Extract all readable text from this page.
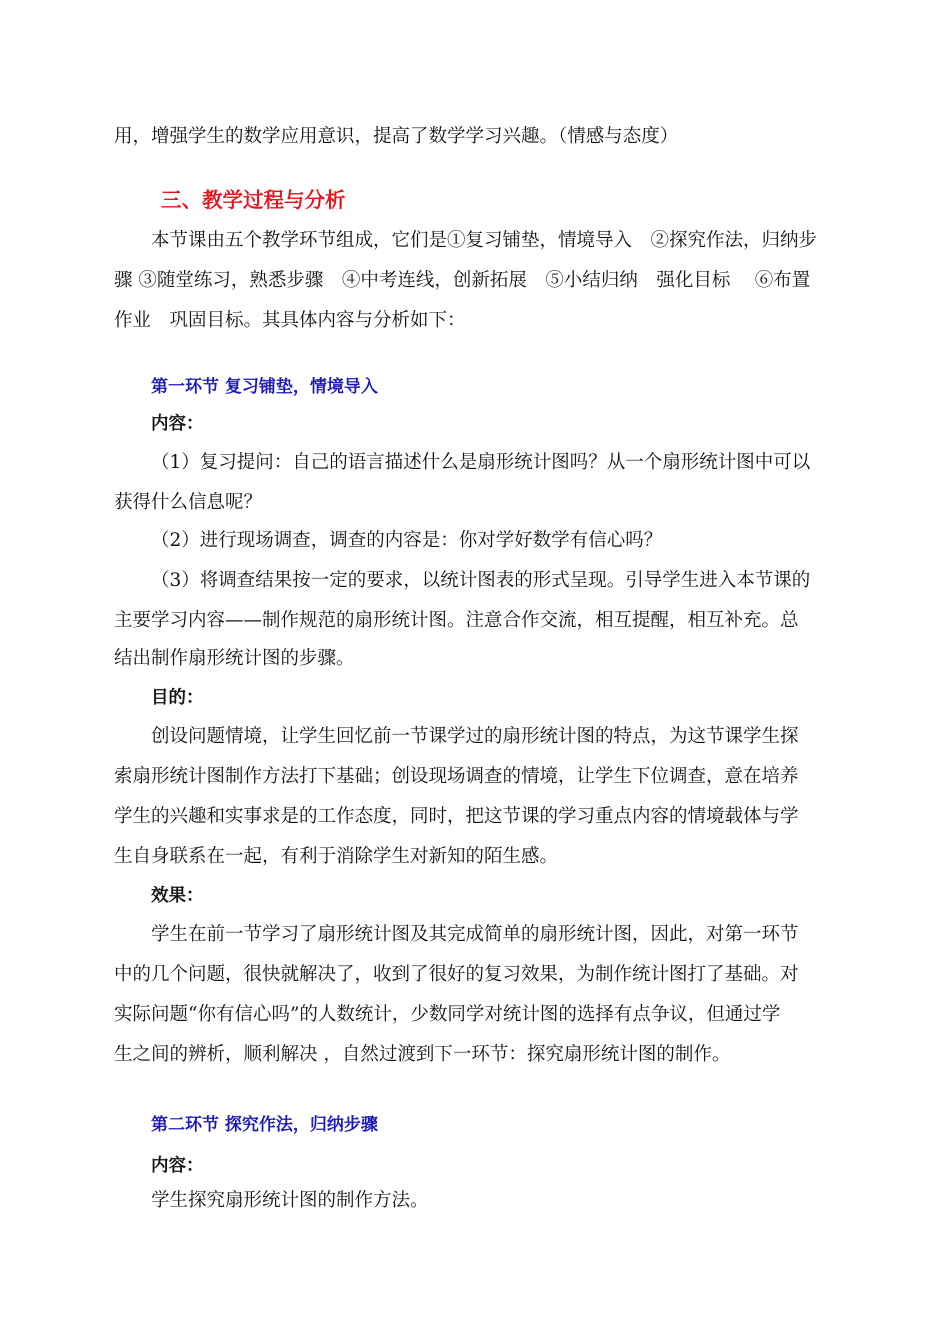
用，增强学生的数学应用意识，提高了数学学习兴趣。（情感与态度）
三、教学过程与分析
本节课由五个教学环节组成，它们是①复习铺垫，情境导入　②探究作法，归纳步
骤 ③随堂练习，熟悉步骤　④中考连线，创新拓展　⑤小结归纳　强化目标　 ⑥布置
作业　巩固目标。其具体内容与分析如下：
第一环节 复习铺垫，情境导入
内容：
（1）复习提问：自己的语言描述什么是扇形统计图吗？从一个扇形统计图中可以
获得什么信息呢？
（2）进行现场调查，调查的内容是：你对学好数学有信心吗？
（3）将调查结果按一定的要求，以统计图表的形式呈现。引导学生进入本节课的
主要学习内容——制作规范的扇形统计图。注意合作交流，相互提醒，相互补充。总
结出制作扇形统计图的步骤。
目的：
创设问题情境，让学生回忆前一节课学过的扇形统计图的特点，为这节课学生探
索扇形统计图制作方法打下基础；创设现场调查的情境，让学生下位调查，意在培养
学生的兴趣和实事求是的工作态度，同时，把这节课的学习重点内容的情境载体与学
生自身联系在一起，有利于消除学生对新知的陌生感。
效果：
学生在前一节学习了扇形统计图及其完成简单的扇形统计图，因此，对第一环节
中的几个问题，很快就解决了，收到了很好的复习效果，为制作统计图打了基础。对
实际问题“你有信心吗”的人数统计，少数同学对统计图的选择有点争议，但通过学
生之间的辨析，顺利解决 ，自然过渡到下一环节：探究扇形统计图的制作。
第二环节 探究作法，归纳步骤
内容：
学生探究扇形统计图的制作方法。
